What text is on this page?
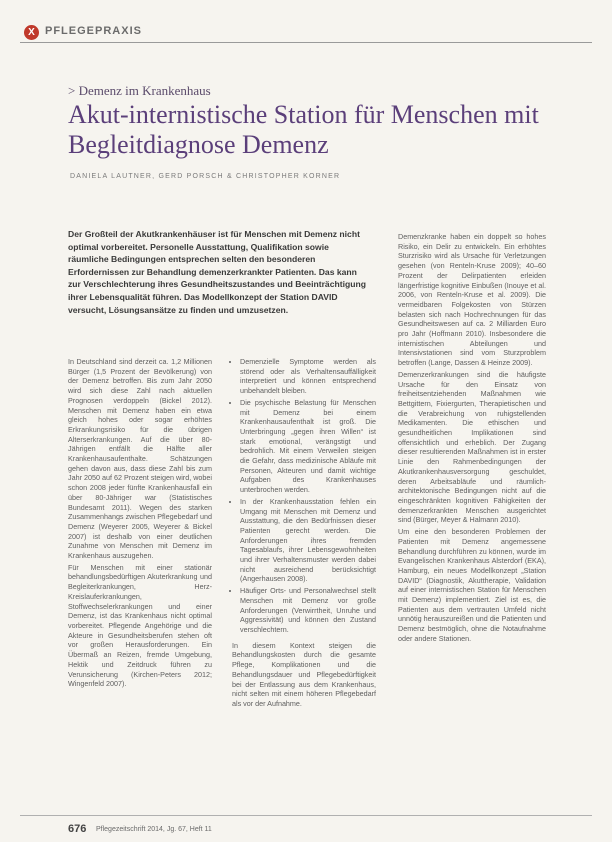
X PFLEGEPRAXIS
> Demenz im Krankenhaus
Akut-internistische Station für Menschen mit Begleitdiagnose Demenz
DANIELA LAUTNER, GERD PORSCH & CHRISTOPHER KORNER

Der Großteil der Akutkrankenhäuser ist für Menschen mit Demenz nicht optimal vorbereitet. Personelle Ausstattung, Qualifikation sowie räumliche Bedingungen entsprechen selten den besonderen Erfordernissen zur Behandlung demenzerkrankter Patienten. Das kann zur Verschlechterung ihres Gesundheitszustandes und Beeinträchtigung ihrer Lebensqualität führen. Das Modellkonzept der Station DAVID versucht, Lösungsansätze zu finden und umzusetzen.

In Deutschland sind derzeit ca. 1,2 Millionen Bürger (1,5 Prozent der Bevölkerung) von der Demenz betroffen. Bis zum Jahr 2050 wird sich diese Zahl nach aktuellen Prognosen verdoppeln (Bickel 2012). Menschen mit Demenz haben ein etwa gleich hohes oder sogar erhöhtes Erkrankungsrisiko für die übrigen Alterserkrankungen. Auf die über 80-Jährigen entfällt die Hälfte aller Krankenhausaufenthalte. Schätzungen gehen davon aus, dass diese Zahl bis zum Jahr 2050 auf 62 Prozent steigen wird, wobei schon 2008 jeder fünfte Krankenhausfall ein über 80-Jähriger war (Statistisches Bundesamt 2011). Wegen des starken Zusammenhangs zwischen Pflegebedarf und Demenz (Weyerer 2005, Weyerer & Bickel 2007) ist deshalb von einer deutlichen Zunahme von Menschen mit Demenz im Krankenhaus auszugehen.

Für Menschen mit einer stationär behandlungsbedürftigen Akuterkrankung und Begleiterkrankungen, Herz-Kreislauferkrankungen, Stoffwechselerkrankungen und einer Demenz, ist das Krankenhaus nicht optimal vorbereitet. Pflegende Angehörige und die Akteure in Gesundheitsberufen stehen oft vor großen Herausforderungen. Ein Übermaß an Reizen, fremde Umgebung, Hektik und Zeitdruck führen zu Verunsicherung (Kirchen-Peters 2012; Wingenfeld 2007).

• Demenzielle Symptome werden als störend oder als Verhaltensauffälligkeit interpretiert und können entsprechend unbehandelt bleiben.
• Die psychische Belastung für Menschen mit Demenz bei einem Krankenhausaufenthalt ist groß. Die Unterbringung „gegen ihren Willen“ ist stark emotional, verängstigt und bedrohlich. Mit einem Verweilen steigen die Gefahr, dass medizinische Abläufe mit Personen, Akteuren und damit wichtige Aufgaben des Krankenhauses unterbrochen werden.
• In der Krankenhausstation fehlen ein Umgang mit Menschen mit Demenz und Ausstattung, die den Bedürfnissen dieser Patienten gerecht werden. Die Anforderungen ihres fremden Tagesablaufs, ihrer Lebensgewohnheiten und ihrer Verhaltensmuster werden dabei nicht ausreichend berücksichtigt (Angerhausen 2008).
• Häufiger Orts- und Personalwechsel stellt Menschen mit Demenz vor große Anforderungen (Verwirrtheit, Unruhe und Aggressivität) und können den Zustand verschlechtern.

In diesem Kontext steigen die Behandlungskosten durch die gesamte Pflege, Komplikationen und die Behandlungsdauer und Pflegebedürftigkeit bei der Entlassung aus dem Krankenhaus, nicht selten mit einem höheren Pflegebedarf als vor der Aufnahme.

Demenzkranke haben ein doppelt so hohes Risiko, ein Delir zu entwickeln. Ein erhöhtes Sturzrisiko wird als Ursache für Verletzungen gesehen (von Renteln-Kruse 2009); 40–60 Prozent der Delirpatienten erleiden längerfristige kognitive Einbußen (Inouye et al. 2006, von Renteln-Kruse et al. 2009). Die vermeidbaren Folgekosten von Stürzen belasten sich nach Hochrechnungen für das Gesundheitswesen auf ca. 2 Milliarden Euro pro Jahr (Hoffmann 2010). Insbesondere die internistischen Abteilungen und Intensivstationen sind vom Sturzproblem betroffen (Lange, Dassen & Heinze 2009).

Demenzerkrankungen sind die häufigste Ursache für den Einsatz von freiheitsentziehenden Maßnahmen wie Bettgittern, Fixiergurten, Therapietischen und die Verabreichung von ruhigstellenden Medikamenten. Die ethischen und gesundheitlichen Implikationen sind offensichtlich und erheblich. Der Zugang dieser resultierenden Maßnahmen ist in erster Linie den Rahmenbedingungen der Akutkrankenhausversorgung geschuldet, deren Arbeitsabläufe und räumlich-architektonische Bedingungen nicht auf die eingeschränkten kognitiven Fähigkeiten der demenzerkrankten Menschen ausgerichtet sind (Bürger, Meyer & Halmann 2010).

Um eine den besonderen Problemen der Patienten mit Demenz angemessene Behandlung durchführen zu können, wurde im Evangelischen Krankenhaus Alsterdorf (EKA), Hamburg, ein neues Modellkonzept „Station DAVID“ (Diagnostik, Akuttherapie, Validation auf einer internistischen Station für Menschen mit Demenz) implementiert. Ziel ist es, die Patienten aus dem vertrauten Umfeld nicht unnötig herauszureißen und die Patienten und Demenz bestmöglich, ohne die Notaufnahme oder andere Stationen.

676 Pflegezeitschrift 2014, Jg. 67, Heft 11
